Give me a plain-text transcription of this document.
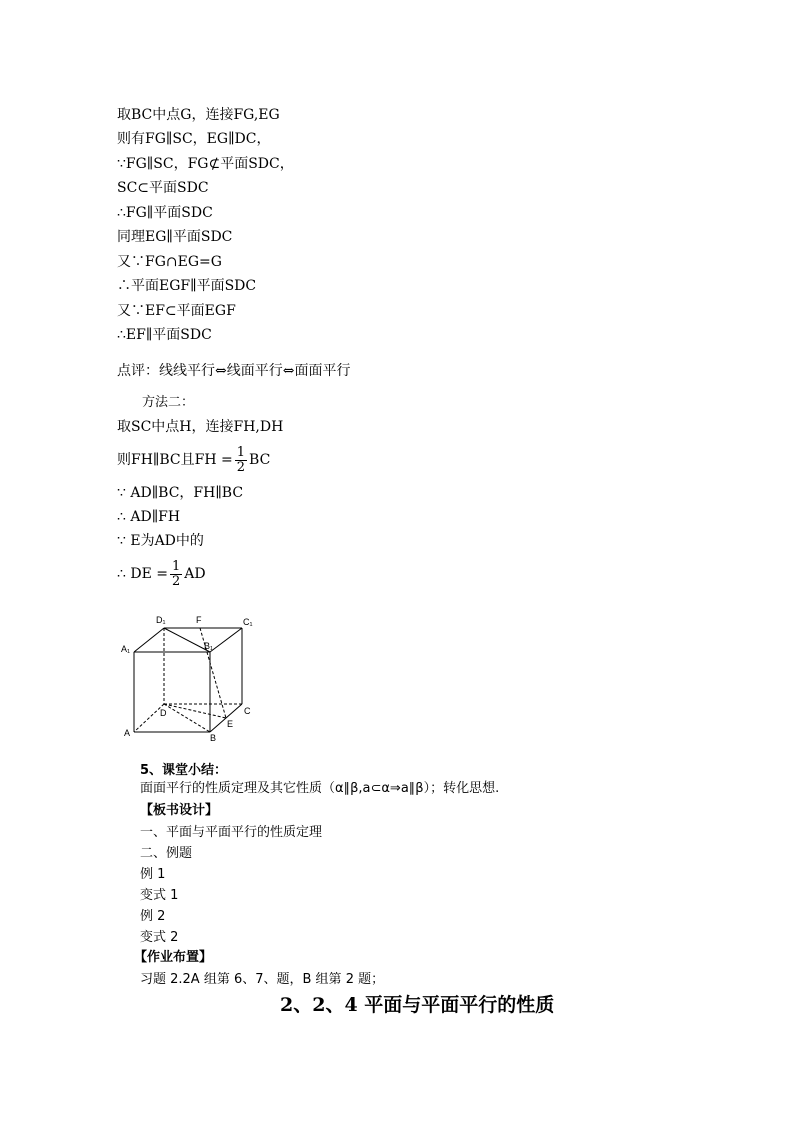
取BC中点G，连接FG,EG
则有FG∥SC，EG∥DC，
∵FG∥SC，FG⊄平面SDC，
SC⊂平面SDC
∴FG∥平面SDC
同理EG∥平面SDC
又∵FG∩EG=G
∴平面EGF∥平面SDC
又∵EF⊂平面EGF
∴EF∥平面SDC
点评：线线平行⇔线面平行⇔面面平行
方法二：
取SC中点H，连接FH,DH
则FH∥BC且FH = $\frac{1}{2}$ BC
∵ AD∥BC，FH∥BC
∴ AD∥FH
∵ E为AD中的
∴ DE = $\frac{1}{2}$ AD
D₁	F	C₁
A₁	B₁
D	C
A	B
E
5、课堂小结：
面面平行的性质定理及其它性质（α∥β,a⊂α⇒a∥β）；转化思想.
【板书设计】
一、平面与平面平行的性质定理
二、例题
例 1
变式 1
例 2
变式 2
【作业布置】
习题 2.2A 组第 6、7、题，B 组第 2 题；
2、2、4 平面与平面平行的性质
